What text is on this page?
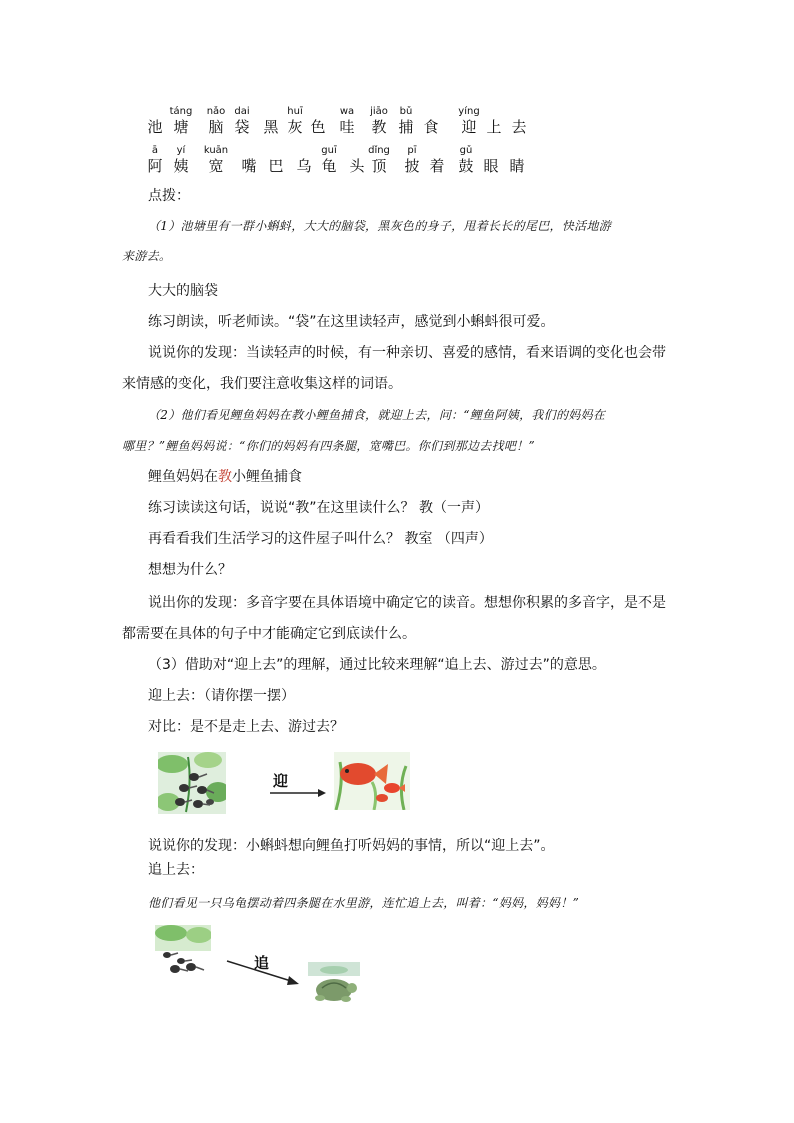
池
táng
塘
nǎo
脑
dai
袋 黑
huī
灰 色
wa
哇
jiāo
教
bǔ
捕 食
yíng
迎 上 去
ā
阿
yí
姨
kuān
宽	嘴 巴 乌
guī
龟 头
dǐng
顶
pī
披 着
gǔ
鼓 眼 睛
点拨：
（1）池塘里有一群小蝌蚪，大大的脑袋，黑灰色的身子，甩着长长的尾巴，快活地游
来游去。
大大的脑袋
练习朗读，听老师读。“袋”在这里读轻声，感觉到小蝌蚪很可爱。
说说你的发现：当读轻声的时候，有一种亲切、喜爱的感情，看来语调的变化也会带
来情感的变化，我们要注意收集这样的词语。
（2）他们看见鲤鱼妈妈在教小鲤鱼捕食，就迎上去，问：“鲤鱼阿姨，我们的妈妈在
哪里？”鲤鱼妈妈说：“你们的妈妈有四条腿，宽嘴巴。你们到那边去找吧！”
鲤鱼妈妈在教小鲤鱼捕食
练习读读这句话，说说“教”在这里读什么？ 教（一声）
再看看我们生活学习的这件屋子叫什么？ 教室 （四声）
想想为什么？
说出你的发现：多音字要在具体语境中确定它的读音。想想你积累的多音字，是不是
都需要在具体的句子中才能确定它到底读什么。
（3）借助对“迎上去”的理解，通过比较来理解“追上去、游过去”的意思。
迎上去：（请你摆一摆）
对比：是不是走上去、游过去？
迎
说说你的发现：小蝌蚪想向鲤鱼打听妈妈的事情，所以“迎上去”。
追上去：
他们看见一只乌龟摆动着四条腿在水里游，连忙追上去，叫着：“妈妈，妈妈！”
追
